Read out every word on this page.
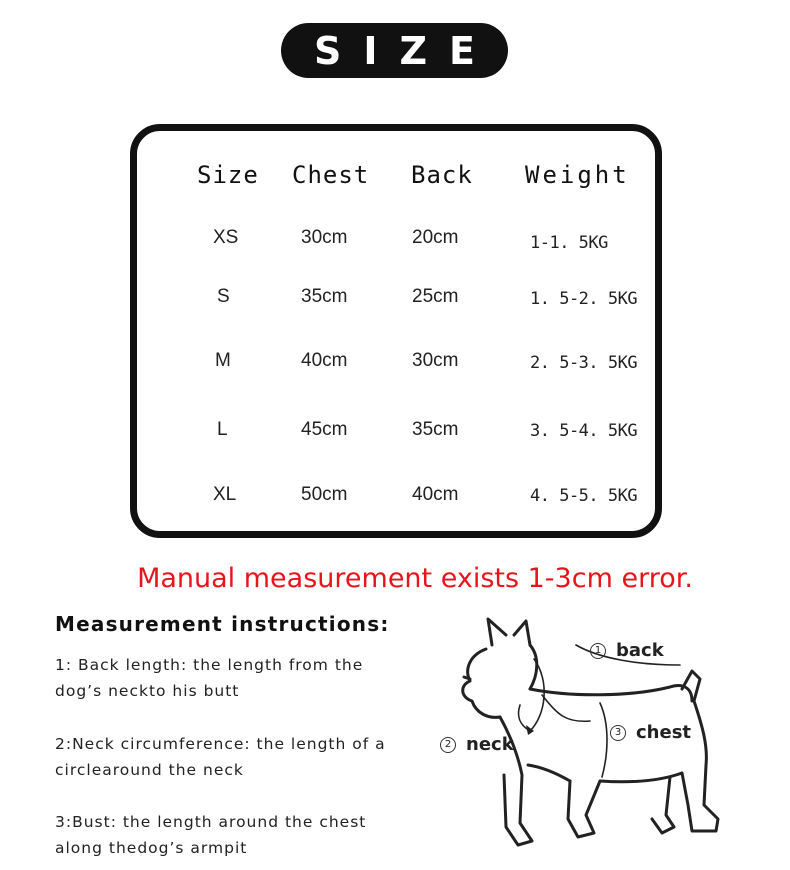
SIZE
Size Chest Back Weight
XS	30cm	20cm	1-1. 5KG
S	35cm	25cm	1. 5-2. 5KG
M	40cm	30cm	2. 5-3. 5KG
L	45cm	35cm	3. 5-4. 5KG
XL	50cm	40cm	4. 5-5. 5KG
Manual measurement exists 1-3cm error.
Measurement instructions:
1: Back length: the length from the dog’s neckto his butt
2:Neck circumference: the length of a circlearound the neck
3:Bust: the length around the chest along thedog’s armpit
1 back
2 neck
3 chest
